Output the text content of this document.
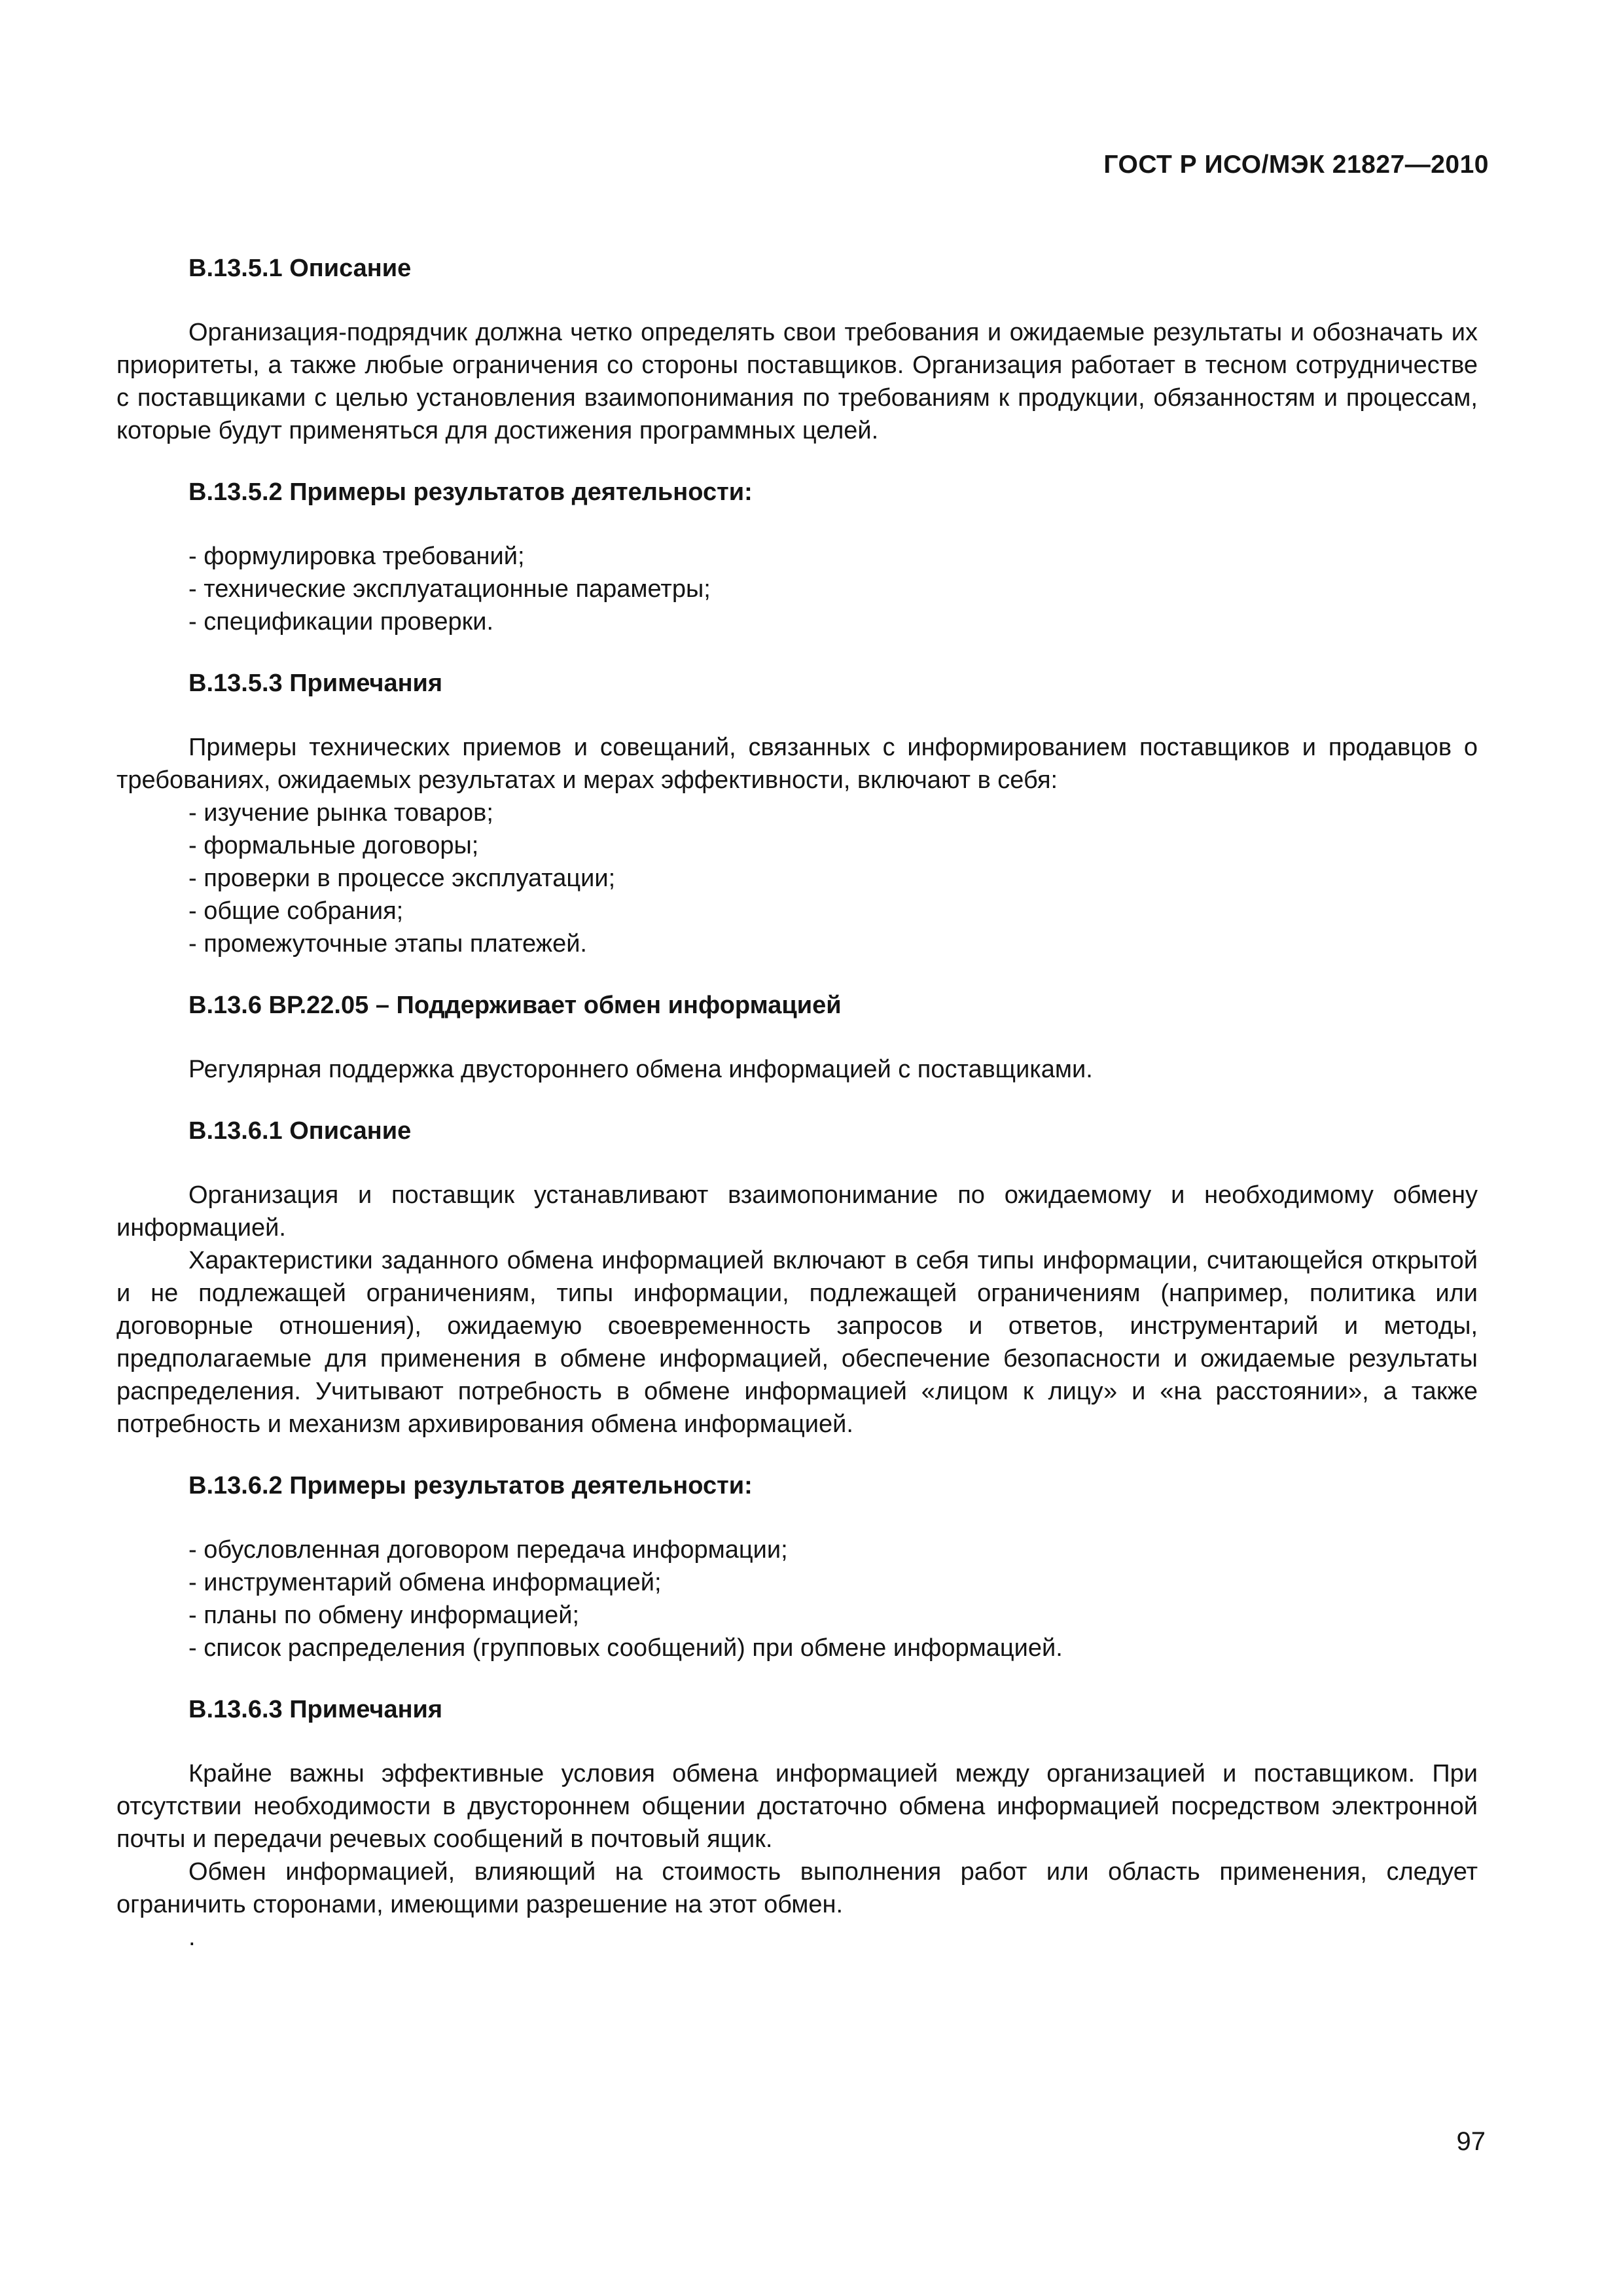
ГОСТ Р ИСО/МЭК 21827—2010

В.13.5.1 Описание

Организация-подрядчик должна четко определять свои требования и ожидаемые результаты и обозначать их приоритеты, а также любые ограничения со стороны поставщиков. Организация работает в тесном сотрудничестве с поставщиками с целью установления взаимопонимания по требованиям к продукции, обязанностям и процессам, которые будут применяться для достижения программных целей.

В.13.5.2 Примеры результатов деятельности:

- формулировка требований;
- технические эксплуатационные параметры;
- спецификации проверки.

В.13.5.3 Примечания

Примеры технических приемов и совещаний, связанных с информированием поставщиков и продавцов о требованиях, ожидаемых результатах и мерах эффективности, включают в себя:

- изучение рынка товаров;
- формальные договоры;
- проверки в процессе эксплуатации;
- общие собрания;
- промежуточные этапы платежей.

В.13.6 ВР.22.05 – Поддерживает обмен информацией

Регулярная поддержка двустороннего обмена информацией с поставщиками.

В.13.6.1 Описание

Организация и поставщик устанавливают взаимопонимание по ожидаемому и необходимому обмену информацией.

Характеристики заданного обмена информацией включают в себя типы информации, считающейся открытой и не подлежащей ограничениям, типы информации, подлежащей ограничениям (например, политика или договорные отношения), ожидаемую своевременность запросов и ответов, инструментарий и методы, предполагаемые для применения в обмене информацией, обеспечение безопасности и ожидаемые результаты распределения. Учитывают потребность в обмене информацией «лицом к лицу» и «на расстоянии», а также потребность и механизм архивирования обмена информацией.

В.13.6.2 Примеры результатов деятельности:

- обусловленная договором передача информации;
- инструментарий обмена информацией;
- планы по обмену информацией;
- список распределения (групповых сообщений) при обмене информацией.

В.13.6.3 Примечания

Крайне важны эффективные условия обмена информацией между организацией и поставщиком. При отсутствии необходимости в двустороннем общении достаточно обмена информацией посредством электронной почты и передачи речевых сообщений в почтовый ящик.

Обмен информацией, влияющий на стоимость выполнения работ или область применения, следует ограничить сторонами, имеющими разрешение на этот обмен.

.

97
